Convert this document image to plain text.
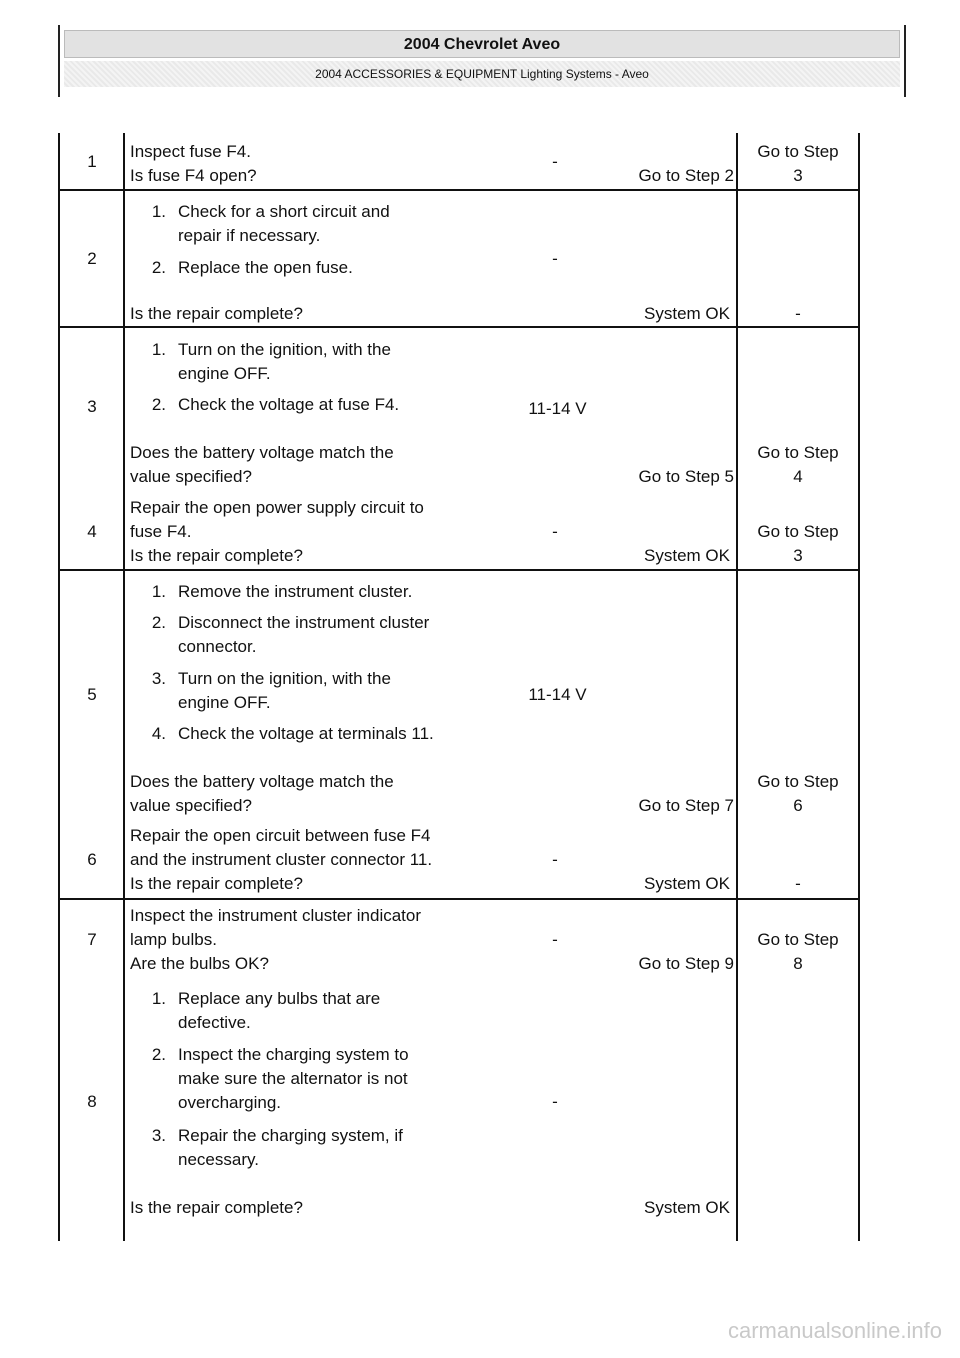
2004 Chevrolet Aveo
2004 ACCESSORIES & EQUIPMENT Lighting Systems - Aveo
1
Inspect fuse F4.
Is fuse F4 open?
-
Go to Step 2
Go to Step
3
2
1. Check for a short circuit and
repair if necessary.
2. Replace the open fuse.
Is the repair complete?
-
System OK	-
3
1. Turn on the ignition, with the
engine OFF.
2. Check the voltage at fuse F4.
Does the battery voltage match the
value specified?
11-14 V
Go to Step 5
Go to Step
4
4
Repair the open power supply circuit to
fuse F4.
Is the repair complete?
-
System OK
Go to Step
3
5
1. Remove the instrument cluster.
2. Disconnect the instrument cluster
connector.
3. Turn on the ignition, with the
engine OFF.
4. Check the voltage at terminals 11.
Does the battery voltage match the
value specified?
11-14 V
Go to Step 7
Go to Step
6
6
Repair the open circuit between fuse F4
and the instrument cluster connector 11.
Is the repair complete?
-
System OK	-
7
Inspect the instrument cluster indicator
lamp bulbs.
Are the bulbs OK?
-
Go to Step 9
Go to Step
8
8
1. Replace any bulbs that are
defective.
2. Inspect the charging system to
make sure the alternator is not
overcharging.
3. Repair the charging system, if
necessary.
Is the repair complete?
-
System OK
carmanualsonline.info
